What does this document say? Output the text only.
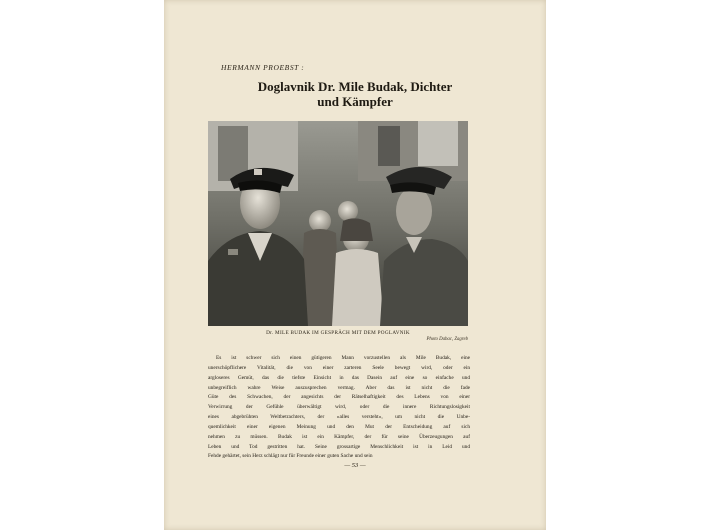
HERMANN PROEBST :
Doglavnik Dr. Mile Budak, Dichter
und Kämpfer
Dr. MILE BUDAK IM GESPRÄCH MIT DEM POGLAVNIK
Photo Dabac, Zagreb
Es ist schwer sich einen gütigeren Mann vorzustellen als Mile Budak, eine
unerschöpflichere Vitalität, die von einer zarteren Seele bewegt wird, oder ein
argloseres Gemüt, das die tiefste Einsicht in das Dasein auf eine so einfache und
unbegreiflich wahre Weise auszusprechen vermag. Aber das ist nicht die fade
Güte des Schwachen, der angesichts der Rätselhaftigkeit des Lebens von einer
Verwirrung der Gefühle überwältigt wird, oder die innere Richtungslosigkeit
eines abgebrühten Weltbetrachters, der »alles versteht«, um nicht die Unbe-
quemlichkeit einer eigenen Meinung und den Mut der Entscheidung auf sich
nehmen zu müssen. Budak ist ein Kämpfer, der für seine Überzeugungen auf
Leben und Tod gestritten hat. Seine grossartige Menschlichkeit ist in Leid und
Fehde gehärtet, sein Herz schlägt nur für Freunde einer guten Sache und sein
— 53 —
